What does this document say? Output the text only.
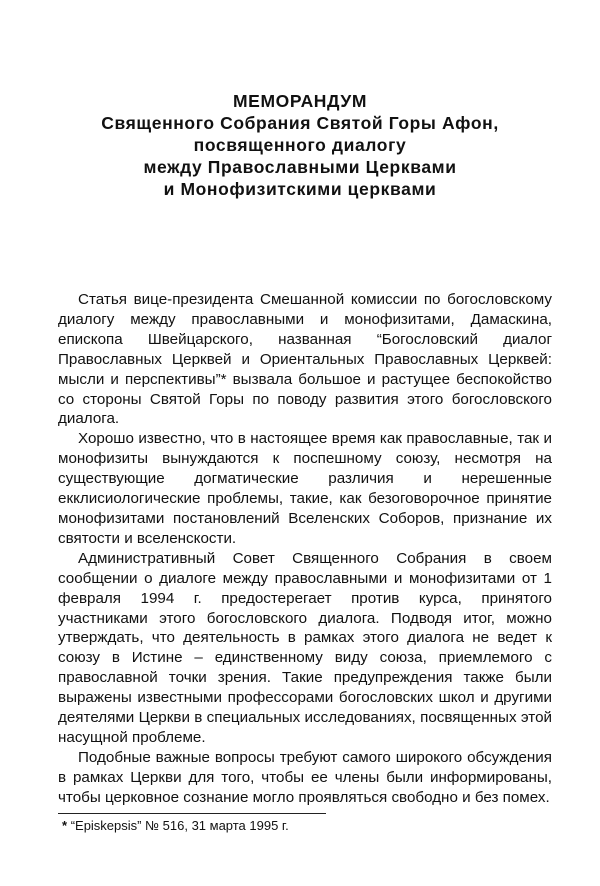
МЕМОРАНДУМ
Священного Собрания Святой Горы Афон,
посвященного диалогу
между Православными Церквами
и Монофизитскими церквами

Статья вице-президента Смешанной комиссии по богословскому диалогу между православными и монофизитами, Дамаскина, епископа Швейцарского, названная “Богословский диалог Православных Церквей и Ориентальных Православных Церквей: мысли и перспективы”* вызвала большое и растущее беспокойство со стороны Святой Горы по поводу развития этого богословского диалога.

Хорошо известно, что в настоящее время как православные, так и монофизиты вынуждаются к поспешному союзу, несмотря на существующие догматические различия и нерешенные екклисиологические проблемы, такие, как безоговорочное принятие монофизитами постановлений Вселенских Соборов, признание их святости и вселенскости.

Административный Совет Священного Собрания в своем сообщении о диалоге между православными и монофизитами от 1 февраля 1994 г. предостерегает против курса, принятого участниками этого богословского диалога. Подводя итог, можно утверждать, что деятельность в рамках этого диалога не ведет к союзу в Истине – единственному виду союза, приемлемого с православной точки зрения. Такие предупреждения также были выражены известными профессорами богословских школ и другими деятелями Церкви в специальных исследованиях, посвященных этой насущной проблеме.

Подобные важные вопросы требуют самого широкого обсуждения в рамках Церкви для того, чтобы ее члены были информированы, чтобы церковное сознание могло проявляться свободно и без помех.

* “Episkepsis” № 516, 31 марта 1995 г.
